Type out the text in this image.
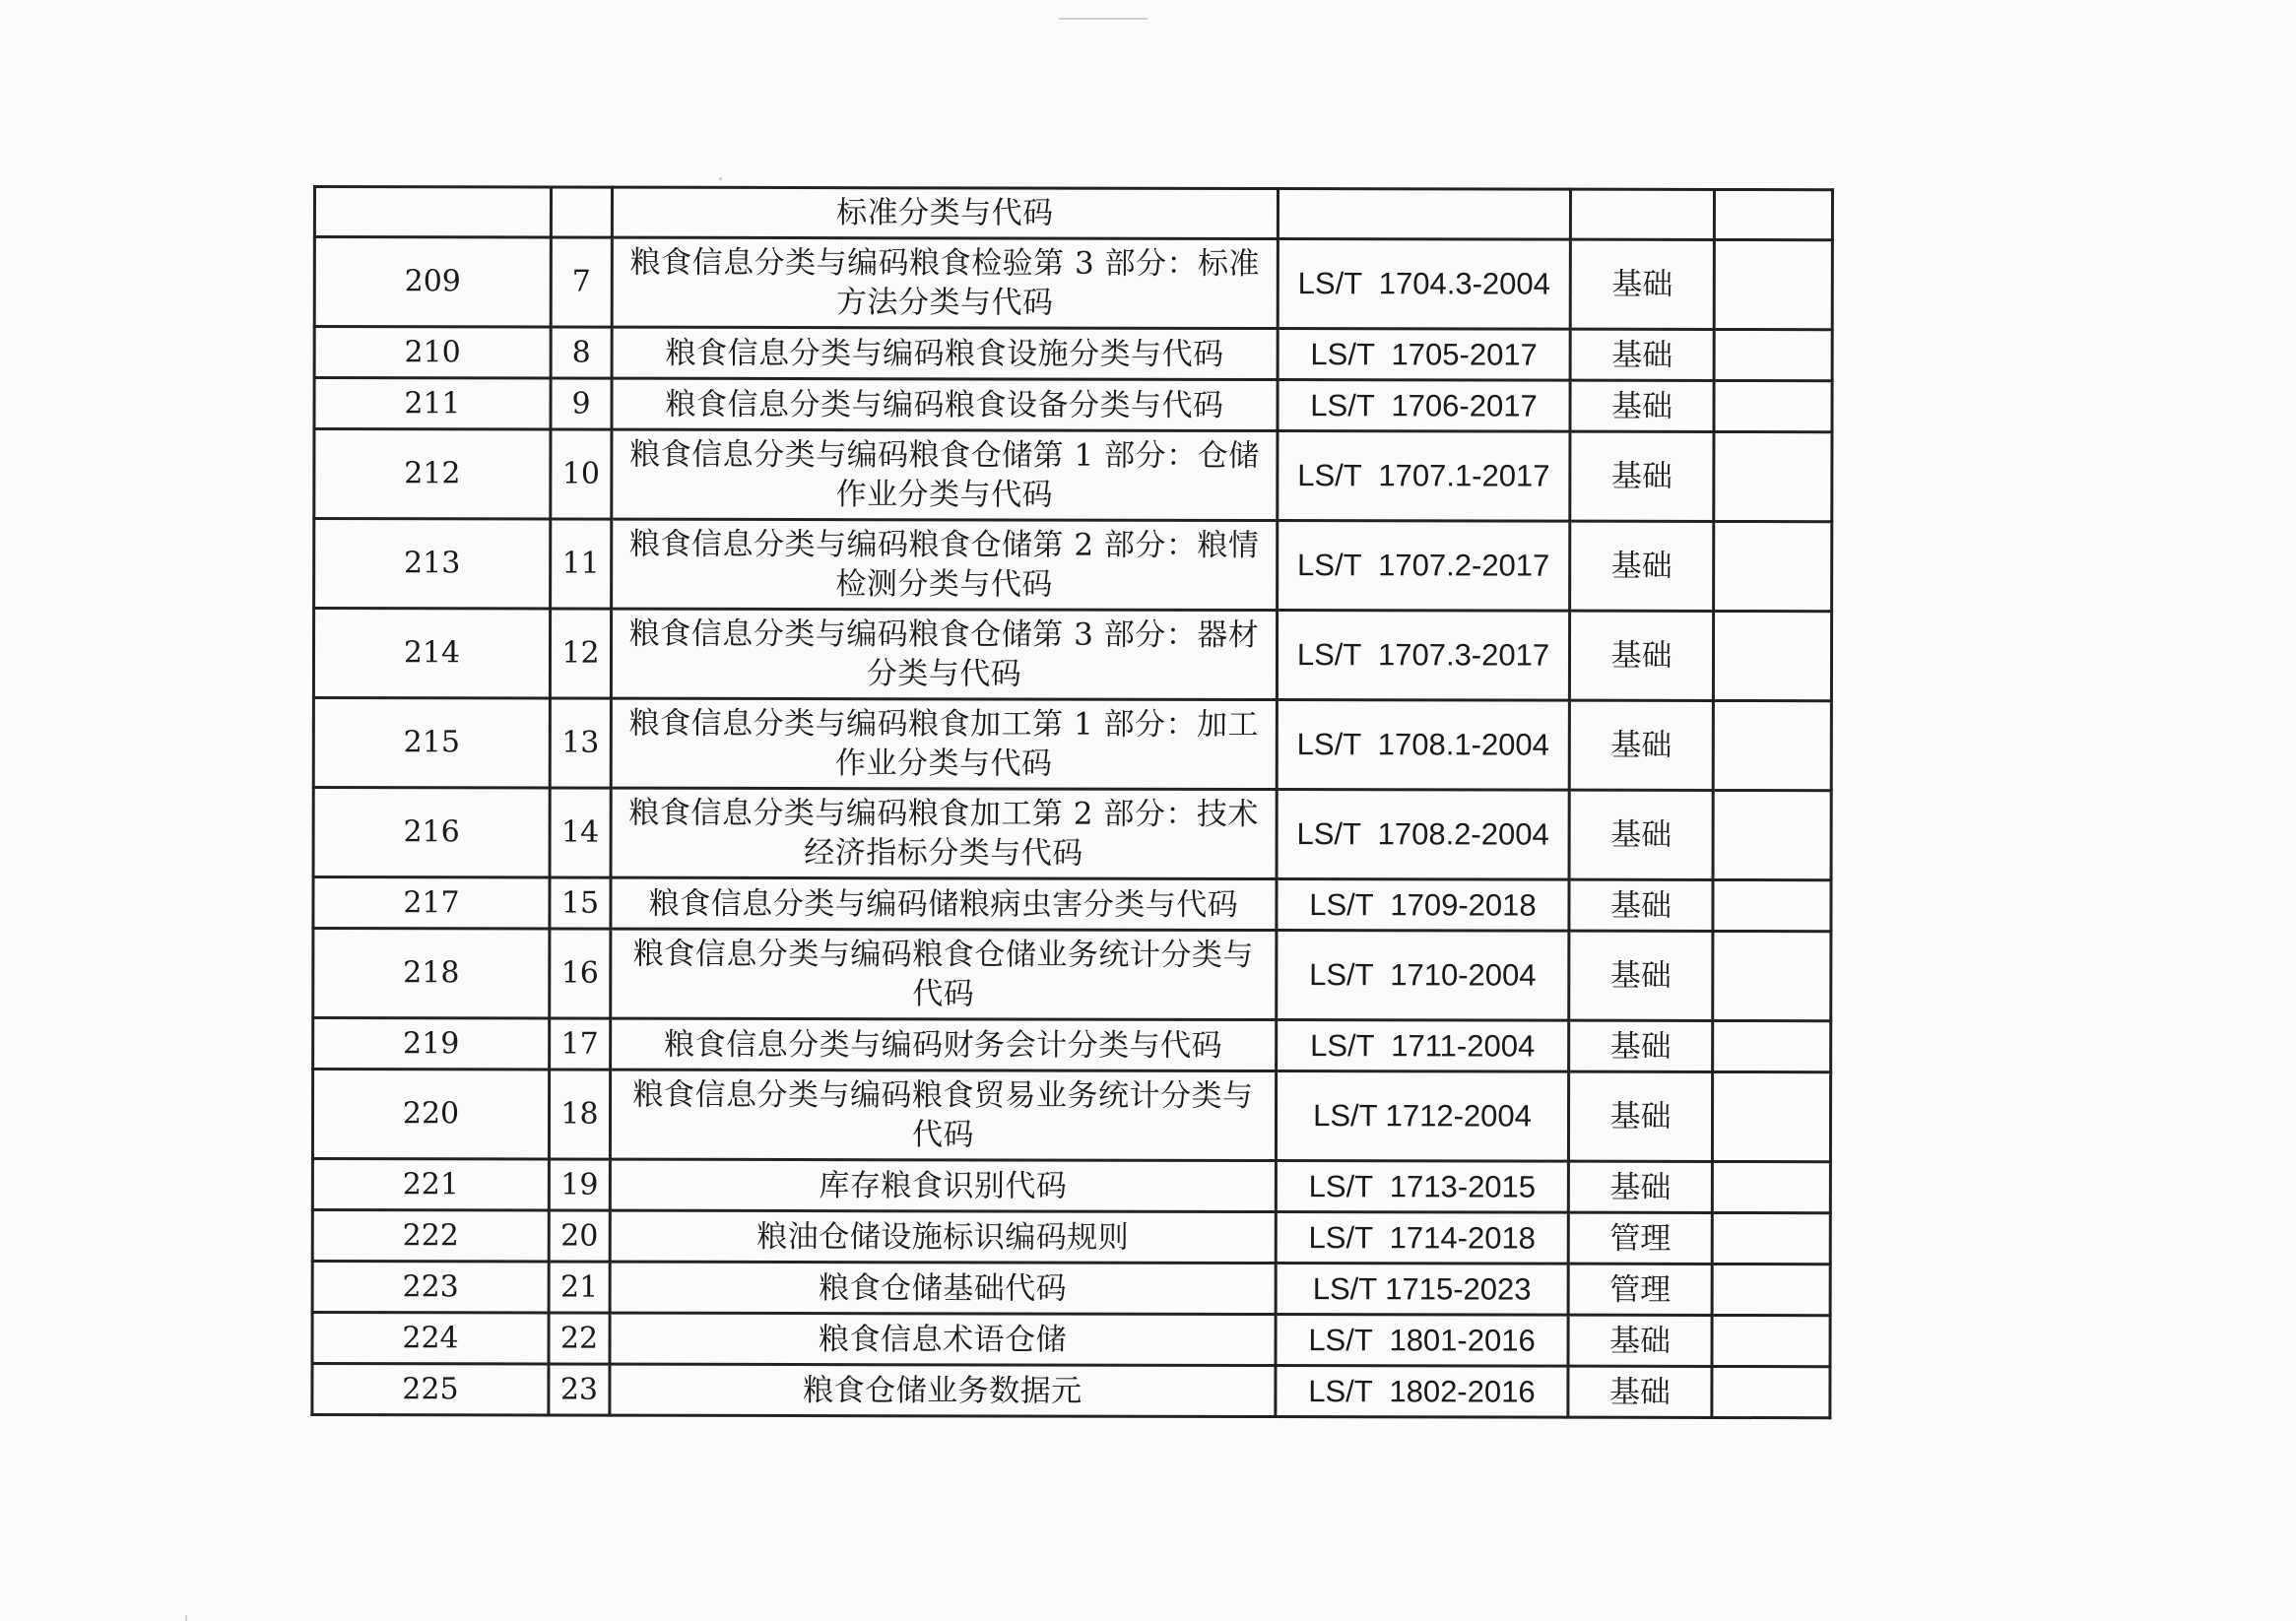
		标准分类与代码			
209	7	粮食信息分类与编码粮食检验第 3 部分：标准方法分类与代码	LS/T  1704.3-2004	基础	
210	8	粮食信息分类与编码粮食设施分类与代码	LS/T  1705-2017	基础	
211	9	粮食信息分类与编码粮食设备分类与代码	LS/T  1706-2017	基础	
212	10	粮食信息分类与编码粮食仓储第 1 部分：仓储作业分类与代码	LS/T  1707.1-2017	基础	
213	11	粮食信息分类与编码粮食仓储第 2 部分：粮情检测分类与代码	LS/T  1707.2-2017	基础	
214	12	粮食信息分类与编码粮食仓储第 3 部分：器材分类与代码	LS/T  1707.3-2017	基础	
215	13	粮食信息分类与编码粮食加工第 1 部分：加工作业分类与代码	LS/T  1708.1-2004	基础	
216	14	粮食信息分类与编码粮食加工第 2 部分：技术经济指标分类与代码	LS/T  1708.2-2004	基础	
217	15	粮食信息分类与编码储粮病虫害分类与代码	LS/T  1709-2018	基础	
218	16	粮食信息分类与编码粮食仓储业务统计分类与代码	LS/T  1710-2004	基础	
219	17	粮食信息分类与编码财务会计分类与代码	LS/T  1711-2004	基础	
220	18	粮食信息分类与编码粮食贸易业务统计分类与代码	LS/T 1712-2004	基础	
221	19	库存粮食识别代码	LS/T  1713-2015	基础	
222	20	粮油仓储设施标识编码规则	LS/T  1714-2018	管理	
223	21	粮食仓储基础代码	LS/T 1715-2023	管理	
224	22	粮食信息术语仓储	LS/T  1801-2016	基础	
225	23	粮食仓储业务数据元	LS/T  1802-2016	基础	
